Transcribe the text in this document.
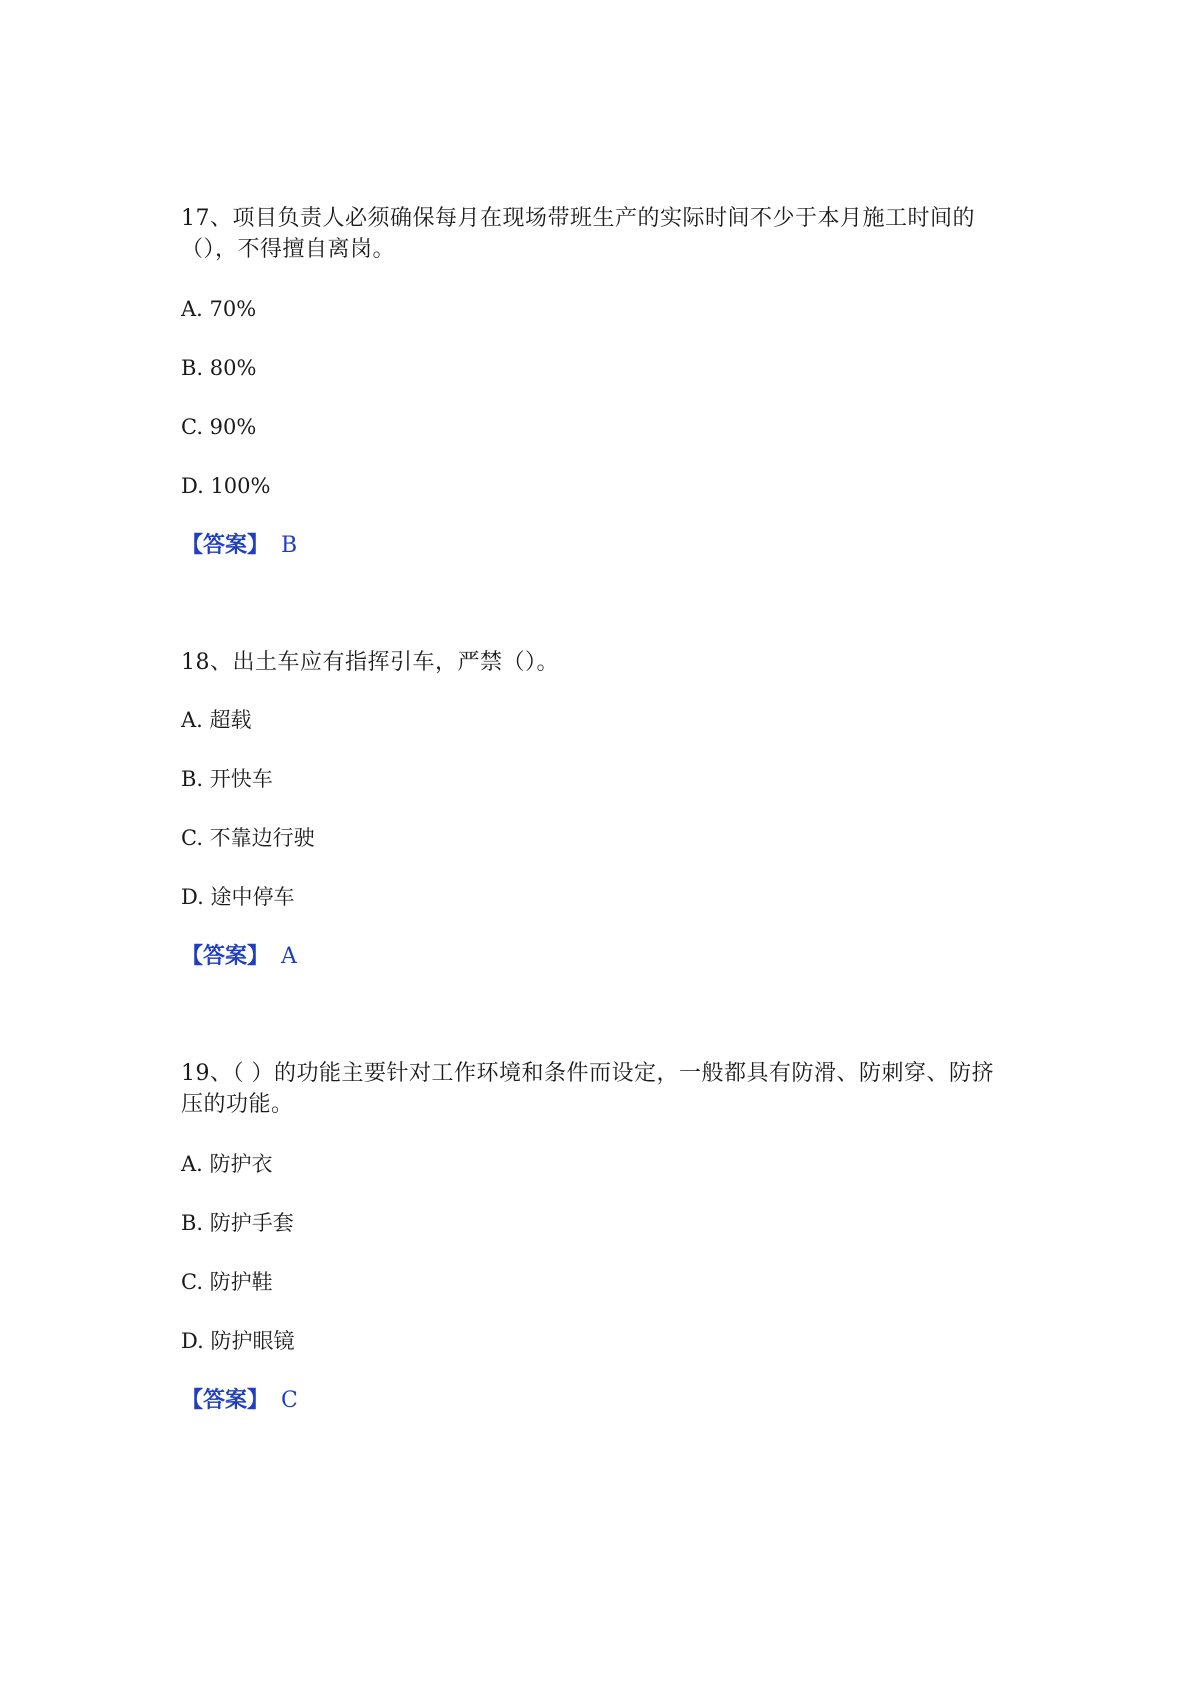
17、项目负责人必须确保每月在现场带班生产的实际时间不少于本月施工时间的（），不得擅自离岗。

A. 70%

B. 80%

C. 90%

D. 100%

【答案】 B

18、出土车应有指挥引车，严禁（）。

A. 超载

B. 开快车

C. 不靠边行驶

D. 途中停车

【答案】 A

19、（ ）的功能主要针对工作环境和条件而设定，一般都具有防滑、防刺穿、防挤压的功能。

A. 防护衣

B. 防护手套

C. 防护鞋

D. 防护眼镜

【答案】 C
